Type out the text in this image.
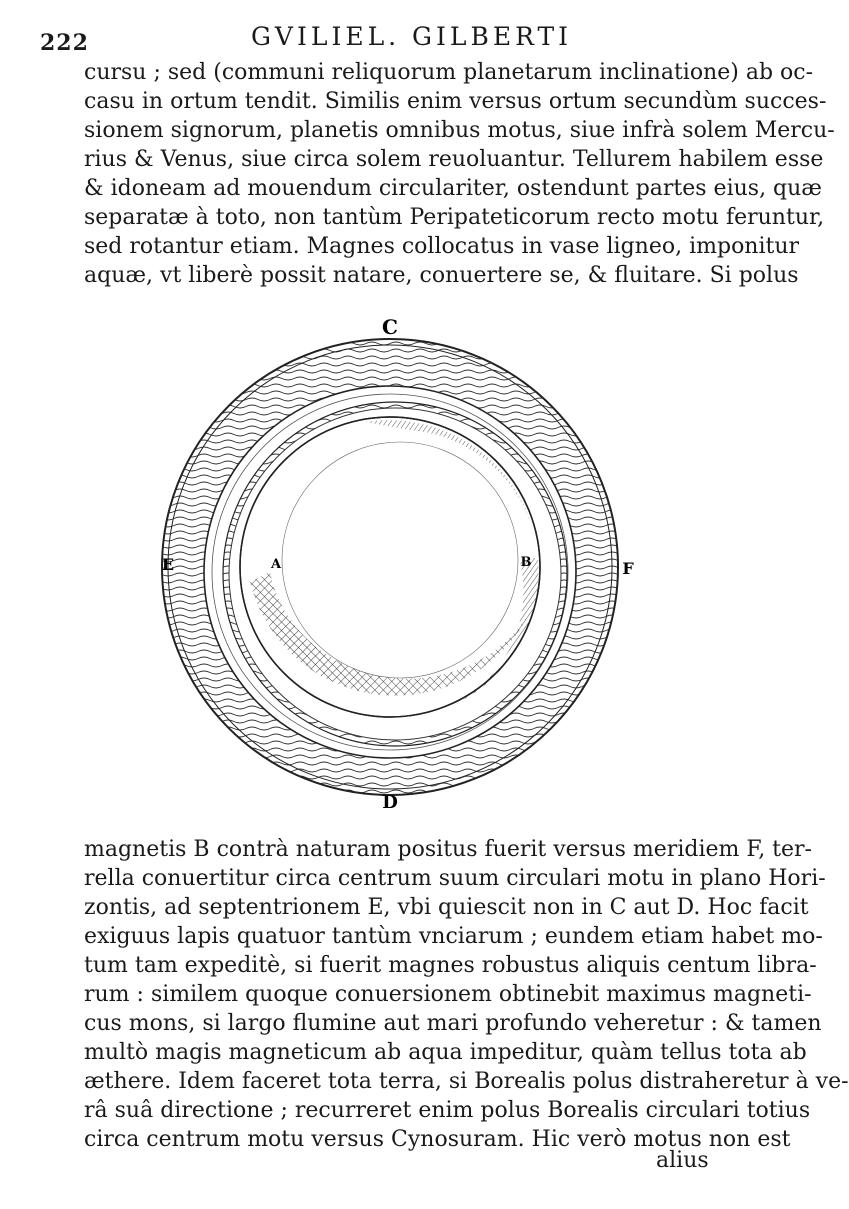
222	GVILIEL. GILBERTI
cursu ; sed (communi reliquorum planetarum inclinatione) ab oc-
casu in ortum tendit. Similis enim versus ortum secundùm succes-
sionem signorum, planetis omnibus motus, siue infrà solem Mercu-
rius & Venus, siue circa solem reuoluantur. Tellurem habilem esse
& idoneam ad mouendum circulariter, ostendunt partes eius, quæ
separatæ à toto, non tantùm Peripateticorum recto motu feruntur,
sed rotantur etiam. Magnes collocatus in vase ligneo, imponitur
aquæ, vt liberè possit natare, conuertere se, & fluitare. Si polus
C
D
E	F
A	B
magnetis B contrà naturam positus fuerit versus meridiem F, ter-
rella conuertitur circa centrum suum circulari motu in plano Hori-
zontis, ad septentrionem E, vbi quiescit non in C aut D. Hoc facit
exiguus lapis quatuor tantùm vnciarum ; eundem etiam habet mo-
tum tam expeditè, si fuerit magnes robustus aliquis centum libra-
rum : similem quoque conuersionem obtinebit maximus magneti-
cus mons, si largo flumine aut mari profundo veheretur : & tamen
multò magis magneticum ab aqua impeditur, quàm tellus tota ab
æthere. Idem faceret tota terra, si Borealis polus distraheretur à ve-
râ suâ directione ; recurreret enim polus Borealis circulari totius
circa centrum motu versus Cynosuram. Hic verò motus non est
alius
